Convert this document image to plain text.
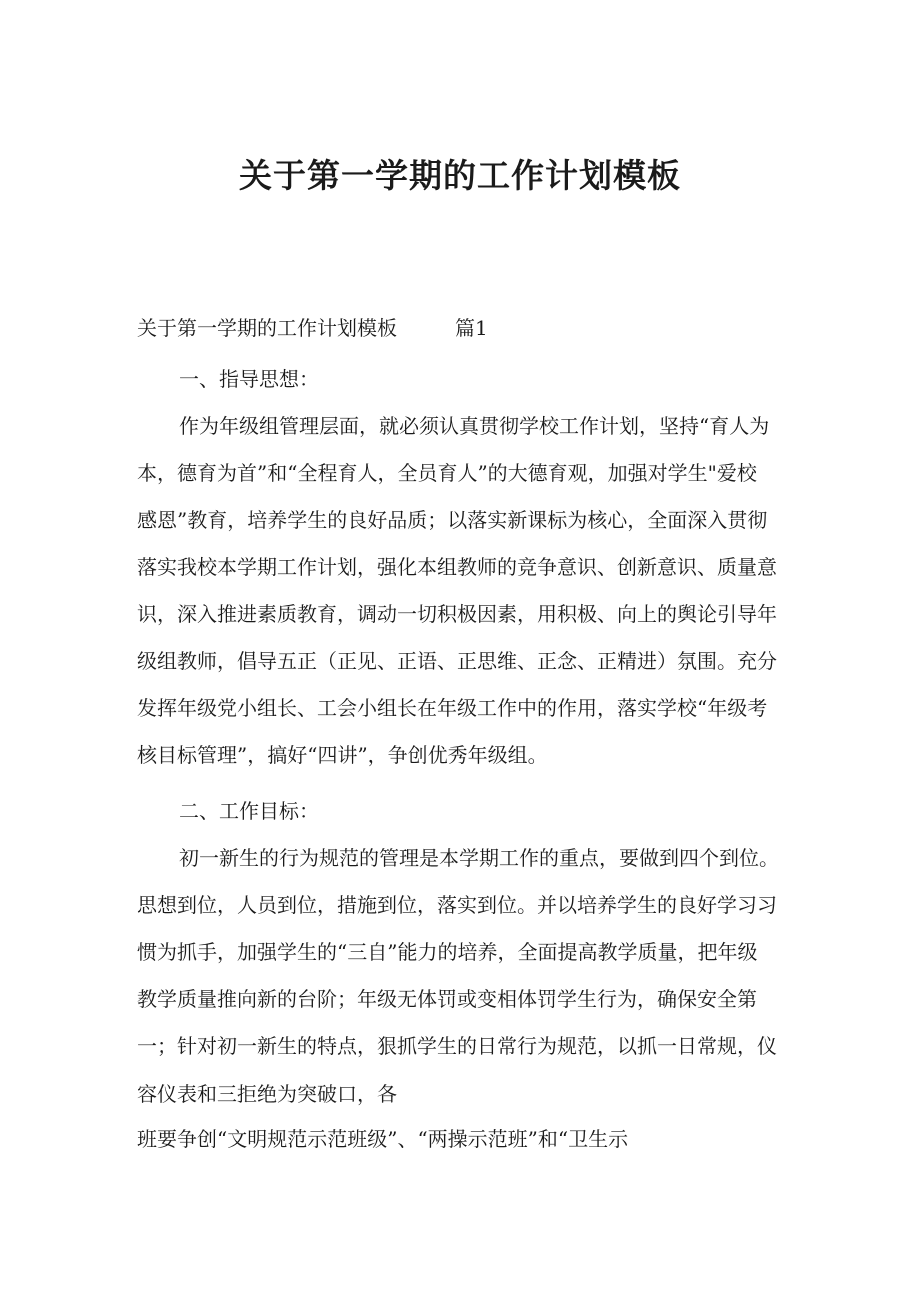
关于第一学期的工作计划模板

关于第一学期的工作计划模板	篇1

一、指导思想：

作为年级组管理层面，就必须认真贯彻学校工作计划，坚持“育人为

本，德育为首”和“全程育人，全员育人”的大德育观，加强对学生"爱校

感恩”教育，培养学生的良好品质；以落实新课标为核心，全面深入贯彻

落实我校本学期工作计划，强化本组教师的竞争意识、创新意识、质量意

识，深入推进素质教育，调动一切积极因素，用积极、向上的舆论引导年

级组教师，倡导五正（正见、正语、正思维、正念、正精进）氛围。充分

发挥年级党小组长、工会小组长在年级工作中的作用，落实学校“年级考

核目标管理”，搞好“四讲”，争创优秀年级组。

二、工作目标：

初一新生的行为规范的管理是本学期工作的重点，要做到四个到位。

思想到位，人员到位，措施到位，落实到位。并以培养学生的良好学习习

惯为抓手，加强学生的“三自”能力的培养，全面提高教学质量，把年级

教学质量推向新的台阶；年级无体罚或变相体罚学生行为，确保安全第

一；针对初一新生的特点，狠抓学生的日常行为规范，以抓一日常规，仪

容仪表和三拒绝为突破口，各

班要争创“文明规范示范班级”、“两操示范班”和“卫生示
